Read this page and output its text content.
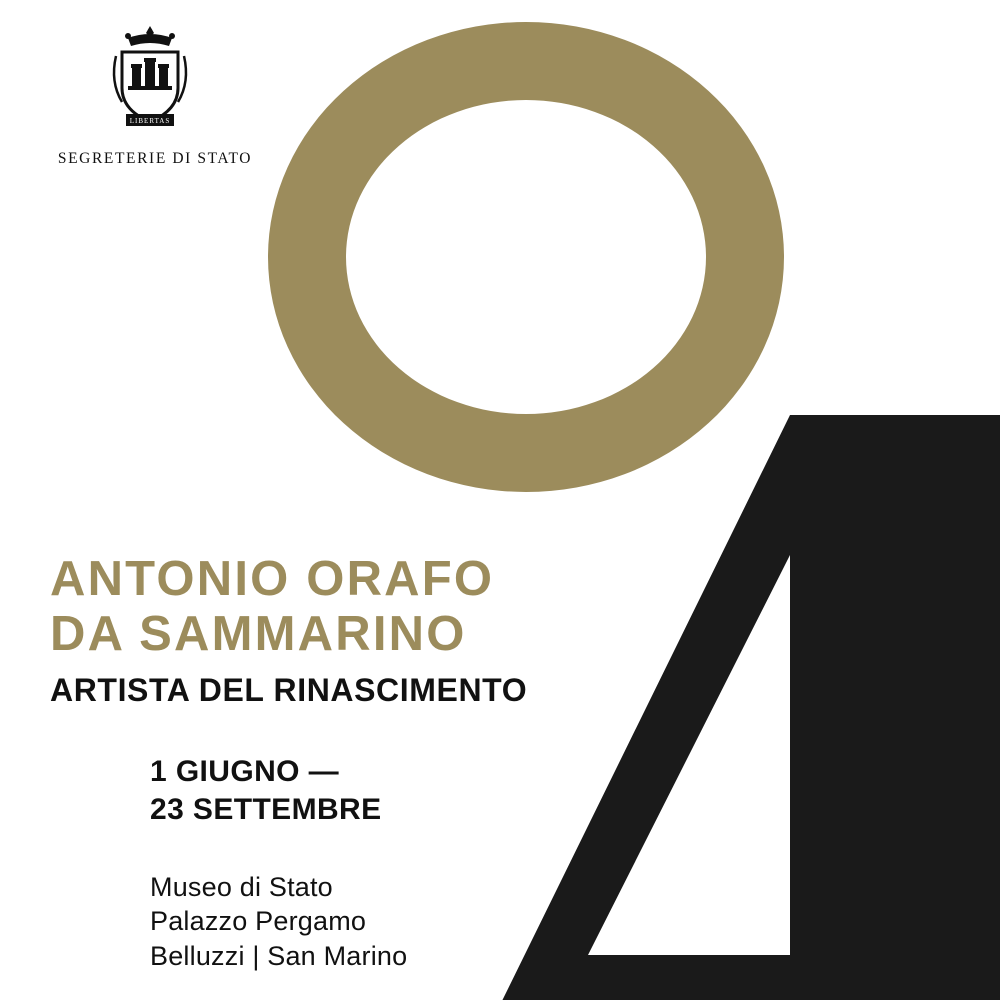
LIBERTAS
SEGRETERIE DI STATO
ANTONIO ORAFO
DA SAMMARINO
ARTISTA DEL RINASCIMENTO
1 GIUGNO —
23 SETTEMBRE
Museo di Stato
Palazzo Pergamo
Belluzzi | San Marino
